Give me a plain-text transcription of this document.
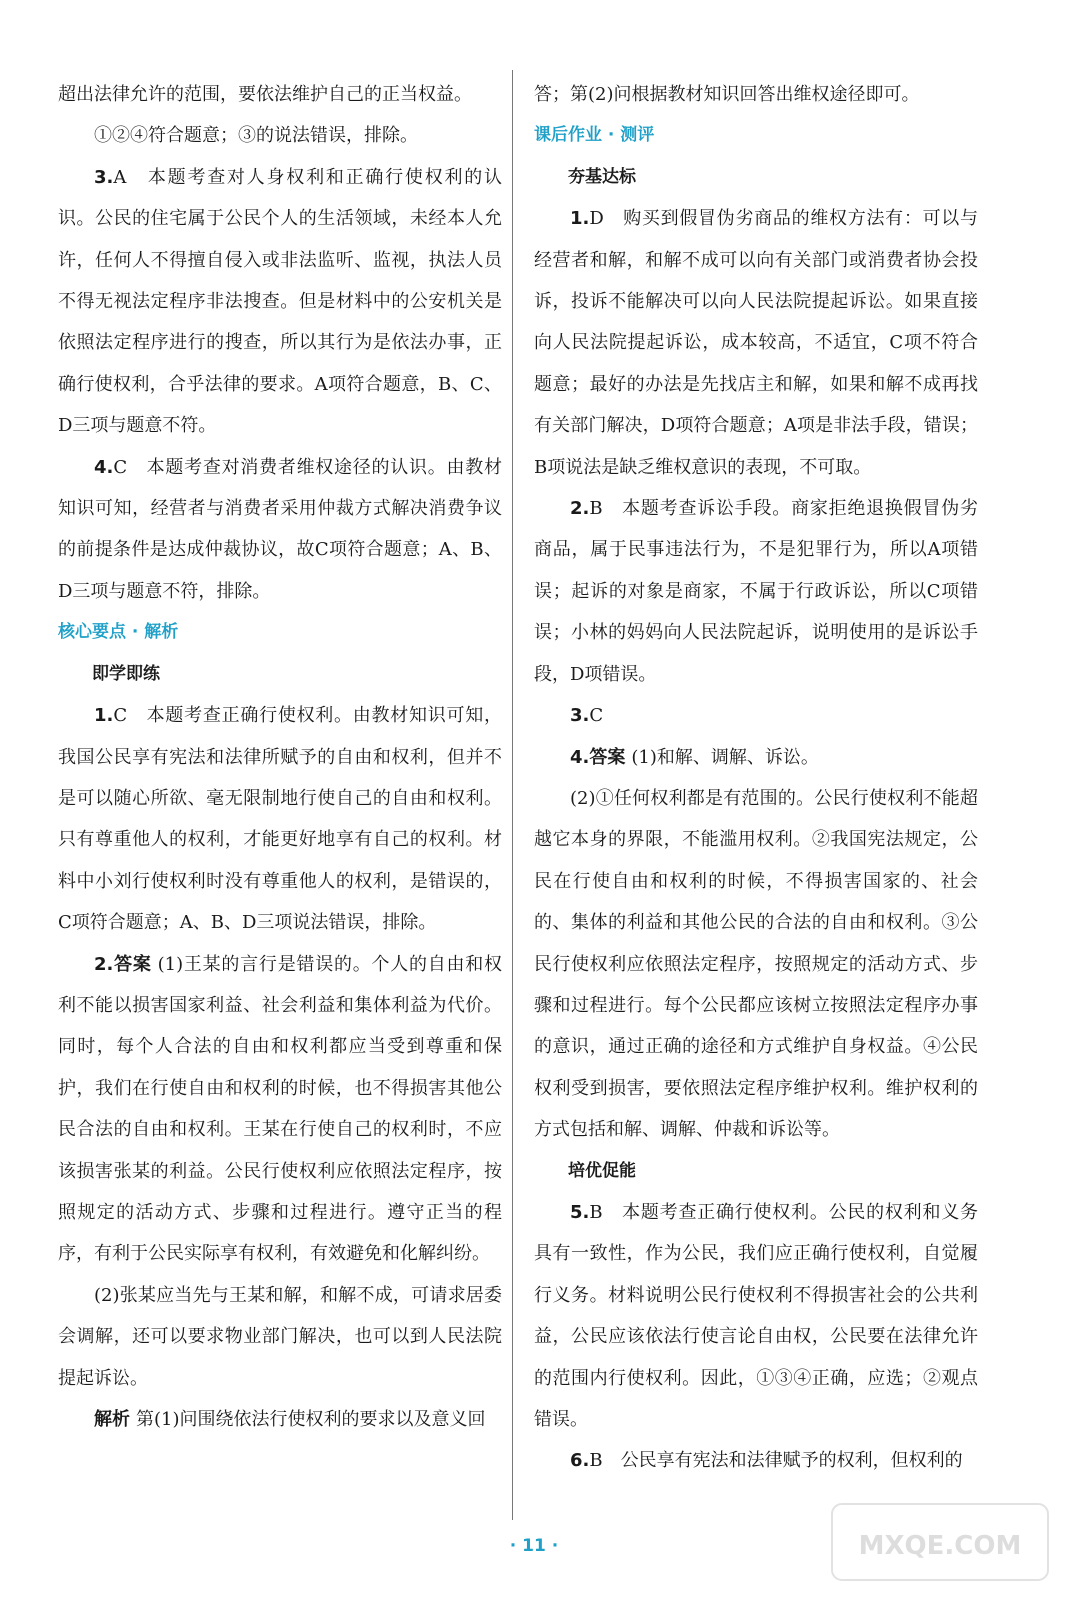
超出法律允许的范围，要依法维护自己的正当权益。

①②④符合题意；③的说法错误，排除。

3.A　本题考查对人身权利和正确行使权利的认识。公民的住宅属于公民个人的生活领域，未经本人允许，任何人不得擅自侵入或非法监听、监视，执法人员不得无视法定程序非法搜查。但是材料中的公安机关是依照法定程序进行的搜查，所以其行为是依法办事，正确行使权利，合乎法律的要求。A项符合题意，B、C、D三项与题意不符。

4.C　本题考查对消费者维权途径的认识。由教材知识可知，经营者与消费者采用仲裁方式解决消费争议的前提条件是达成仲裁协议，故C项符合题意；A、B、D三项与题意不符，排除。

核心要点 · 解析
即学即练

1.C　本题考查正确行使权利。由教材知识可知，我国公民享有宪法和法律所赋予的自由和权利，但并不是可以随心所欲、毫无限制地行使自己的自由和权利。只有尊重他人的权利，才能更好地享有自己的权利。材料中小刘行使权利时没有尊重他人的权利，是错误的，C项符合题意；A、B、D三项说法错误，排除。

2.答案 (1)王某的言行是错误的。个人的自由和权利不能以损害国家利益、社会利益和集体利益为代价。同时，每个人合法的自由和权利都应当受到尊重和保护，我们在行使自由和权利的时候，也不得损害其他公民合法的自由和权利。王某在行使自己的权利时，不应该损害张某的利益。公民行使权利应依照法定程序，按照规定的活动方式、步骤和过程进行。遵守正当的程序，有利于公民实际享有权利，有效避免和化解纠纷。

(2)张某应当先与王某和解，和解不成，可请求居委会调解，还可以要求物业部门解决，也可以到人民法院提起诉讼。

解析 第(1)问围绕依法行使权利的要求以及意义回

答；第(2)问根据教材知识回答出维权途径即可。

课后作业 · 测评
夯基达标

1.D　购买到假冒伪劣商品的维权方法有：可以与经营者和解，和解不成可以向有关部门或消费者协会投诉，投诉不能解决可以向人民法院提起诉讼。如果直接向人民法院提起诉讼，成本较高，不适宜，C项不符合题意；最好的办法是先找店主和解，如果和解不成再找有关部门解决，D项符合题意；A项是非法手段，错误；B项说法是缺乏维权意识的表现，不可取。

2.B　本题考查诉讼手段。商家拒绝退换假冒伪劣商品，属于民事违法行为，不是犯罪行为，所以A项错误；起诉的对象是商家，不属于行政诉讼，所以C项错误；小林的妈妈向人民法院起诉，说明使用的是诉讼手段，D项错误。

3.C

4.答案 (1)和解、调解、诉讼。

(2)①任何权利都是有范围的。公民行使权利不能超越它本身的界限，不能滥用权利。②我国宪法规定，公民在行使自由和权利的时候，不得损害国家的、社会的、集体的利益和其他公民的合法的自由和权利。③公民行使权利应依照法定程序，按照规定的活动方式、步骤和过程进行。每个公民都应该树立按照法定程序办事的意识，通过正确的途径和方式维护自身权益。④公民权利受到损害，要依照法定程序维护权利。维护权利的方式包括和解、调解、仲裁和诉讼等。

培优促能

5.B　本题考查正确行使权利。公民的权利和义务具有一致性，作为公民，我们应正确行使权利，自觉履行义务。材料说明公民行使权利不得损害社会的公共利益，公民应该依法行使言论自由权，公民要在法律允许的范围内行使权利。因此，①③④正确，应选；②观点错误。

6.B　公民享有宪法和法律赋予的权利，但权利的

· 11 ·	MXQE.COM
